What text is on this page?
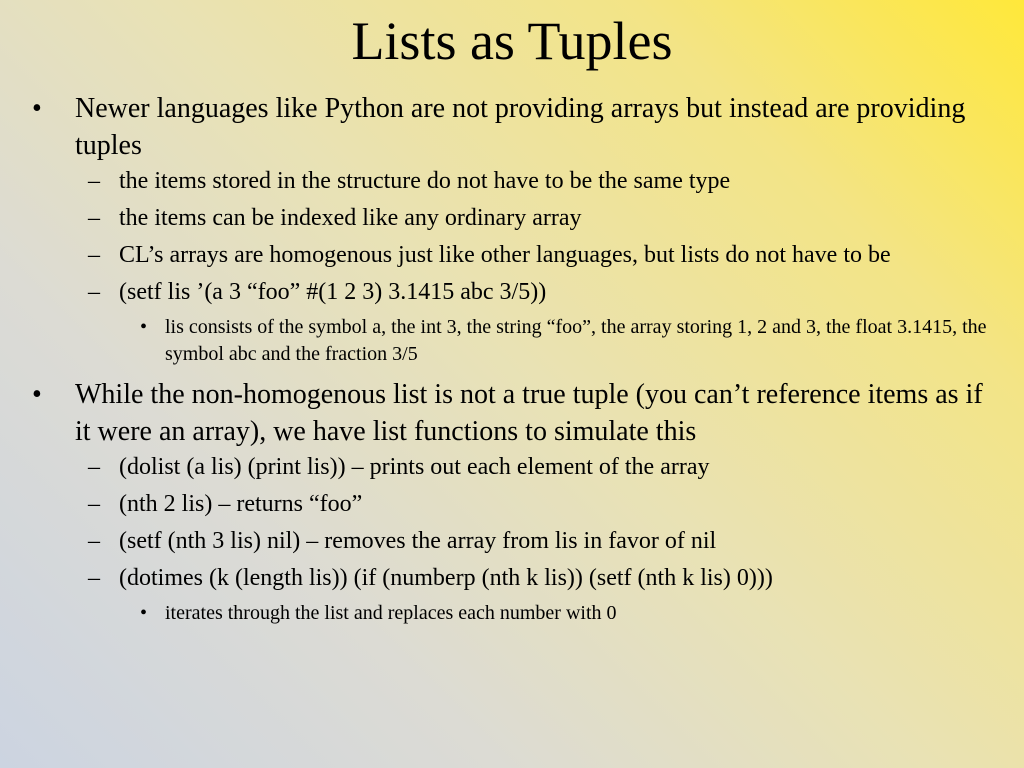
Lists as Tuples
• Newer languages like Python are not providing arrays but instead are providing tuples
– the items stored in the structure do not have to be the same type
– the items can be indexed like any ordinary array
– CL’s arrays are homogenous just like other languages, but lists do not have to be
– (setf lis ’(a 3 “foo” #(1 2 3) 3.1415 abc 3/5))
• lis consists of the symbol a, the int 3, the string “foo”, the array storing 1, 2 and 3, the float 3.1415, the symbol abc and the fraction 3/5
• While the non-homogenous list is not a true tuple (you can’t reference items as if it were an array), we have list functions to simulate this
– (dolist (a lis) (print lis)) – prints out each element of the array
– (nth 2 lis) – returns “foo”
– (setf (nth 3 lis) nil) – removes the array from lis in favor of nil
– (dotimes (k (length lis)) (if (numberp (nth k lis)) (setf (nth k lis) 0)))
• iterates through the list and replaces each number with 0
